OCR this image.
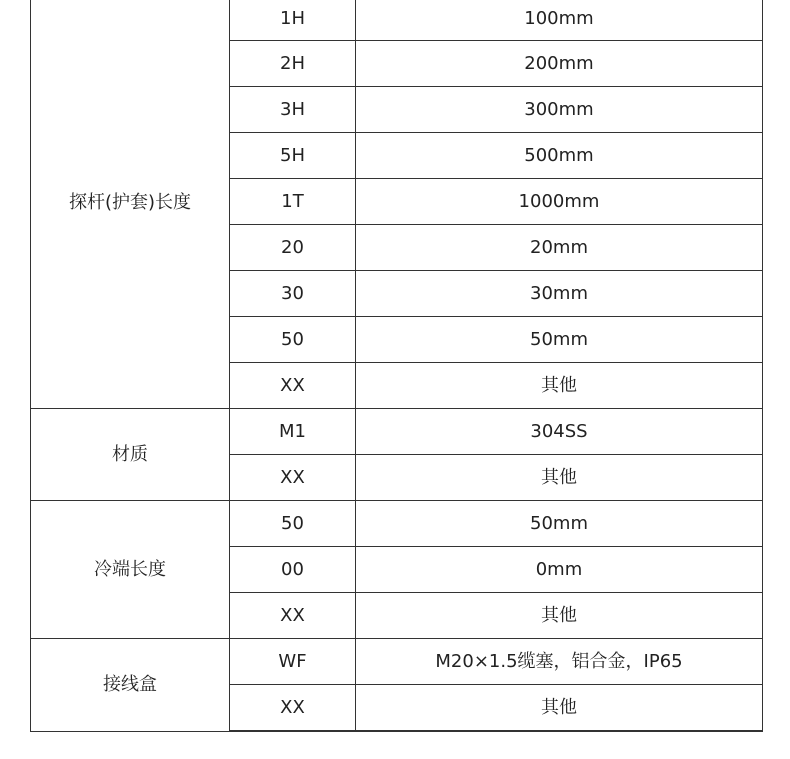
探杆(护套)长度	1H	100mm
	2H	200mm
	3H	300mm
	5H	500mm
	1T	1000mm
	20	20mm
	30	30mm
	50	50mm
	XX	其他
材质	M1	304SS
	XX	其他
冷端长度	50	50mm
	00	0mm
	XX	其他
接线盒	WF	M20×1.5缆塞，铝合金，IP65
	XX	其他
